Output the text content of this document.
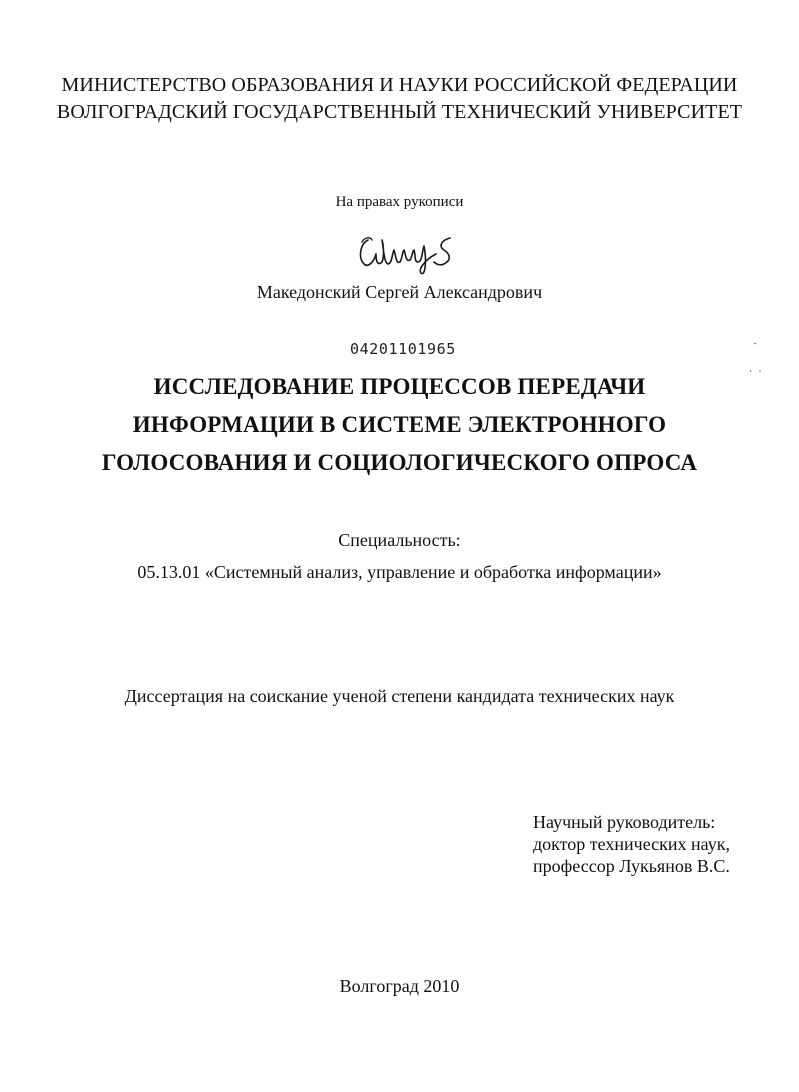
МИНИСТЕРСТВО ОБРАЗОВАНИЯ И НАУКИ РОССИЙСКОЙ ФЕДЕРАЦИИ
ВОЛГОГРАДСКИЙ ГОСУДАРСТВЕННЫЙ ТЕХНИЧЕСКИЙ УНИВЕРСИТЕТ
На правах рукописи
Македонский Сергей Александрович
04201101965
ИССЛЕДОВАНИЕ ПРОЦЕССОВ ПЕРЕДАЧИ
ИНФОРМАЦИИ В СИСТЕМЕ ЭЛЕКТРОННОГО
ГОЛОСОВАНИЯ И СОЦИОЛОГИЧЕСКОГО ОПРОСА
Специальность:
05.13.01 «Системный анализ, управление и обработка информации»
Диссертация на соискание ученой степени кандидата технических наук
Научный руководитель:
доктор технических наук,
профессор Лукьянов В.С.
Волгоград 2010
